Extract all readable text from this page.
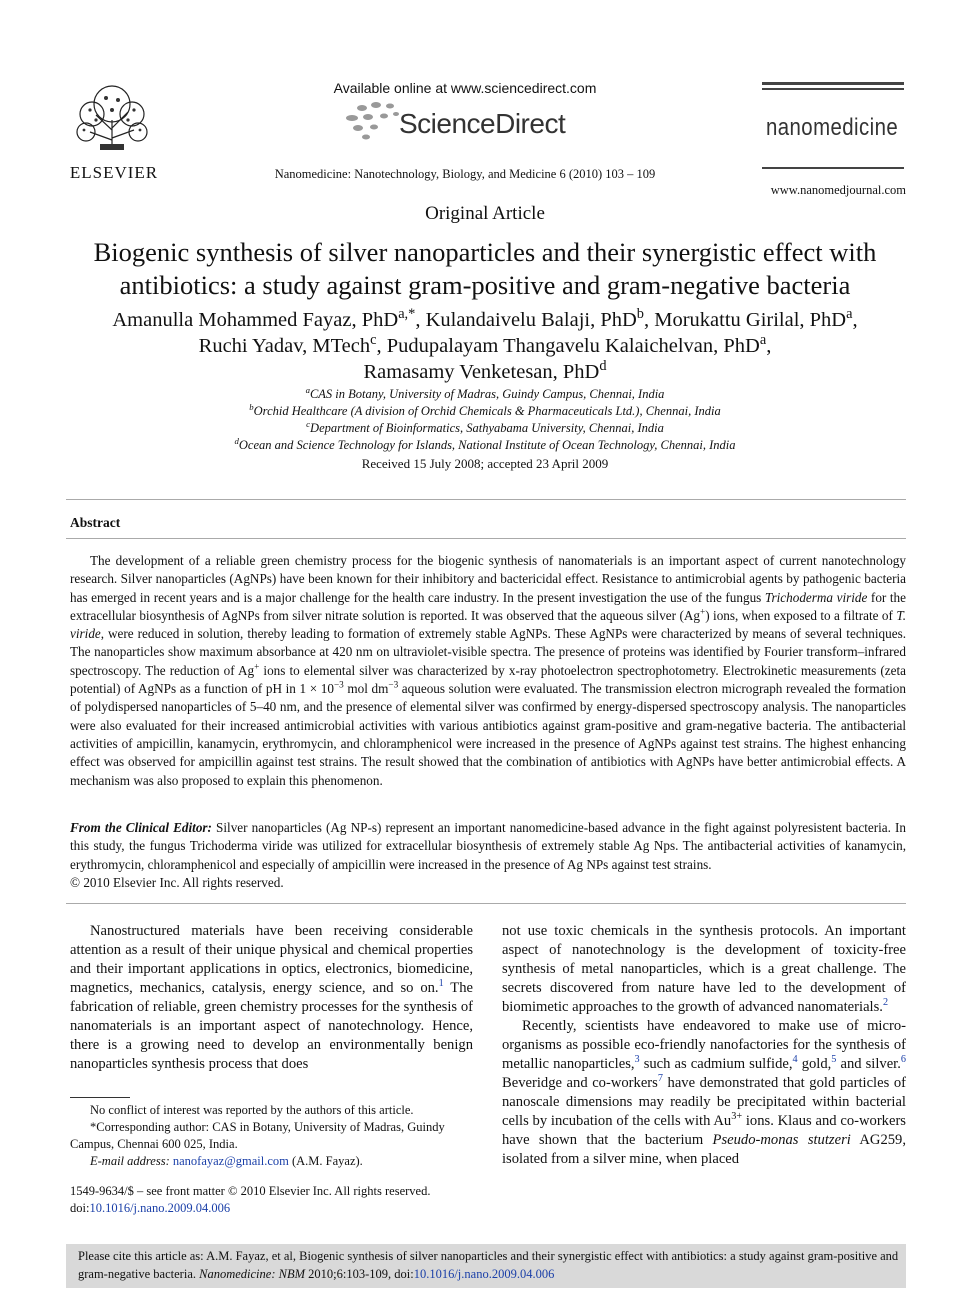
ELSEVIER
Available online at www.sciencedirect.com
ScienceDirect
Nanomedicine: Nanotechnology, Biology, and Medicine 6 (2010) 103 – 109
nanomedicine
www.nanomedjournal.com
Original Article
Biogenic synthesis of silver nanoparticles and their synergistic effect with
antibiotics: a study against gram-positive and gram-negative bacteria
Amanulla Mohammed Fayaz, PhD$^{a,*}$, Kulandaivelu Balaji, PhD$^b$, Morukattu Girilal, PhD$^a$,
Ruchi Yadav, MTech$^c$, Pudupalayam Thangavelu Kalaichelvan, PhD$^a$,
Ramasamy Venketesan, PhD$^d$
$^a$CAS in Botany, University of Madras, Guindy Campus, Chennai, India
$^b$Orchid Healthcare (A division of Orchid Chemicals & Pharmaceuticals Ltd.), Chennai, India
$^c$Department of Bioinformatics, Sathyabama University, Chennai, India
$^d$Ocean and Science Technology for Islands, National Institute of Ocean Technology, Chennai, India
Received 15 July 2008; accepted 23 April 2009
Abstract

The development of a reliable green chemistry process for the biogenic synthesis of nanomaterials is an important aspect of current nanotechnology research. Silver nanoparticles (AgNPs) have been known for their inhibitory and bactericidal effect. Resistance to antimicrobial agents by pathogenic bacteria has emerged in recent years and is a major challenge for the health care industry. In the present investigation the use of the fungus Trichoderma viride for the extracellular biosynthesis of AgNPs from silver nitrate solution is reported. It was observed that the aqueous silver (Ag+) ions, when exposed to a filtrate of T. viride, were reduced in solution, thereby leading to formation of extremely stable AgNPs. These AgNPs were characterized by means of several techniques. The nanoparticles show maximum absorbance at 420 nm on ultraviolet-visible spectra. The presence of proteins was identified by Fourier transform–infrared spectroscopy. The reduction of Ag+ ions to elemental silver was characterized by x-ray photoelectron spectrophotometry. Electrokinetic measurements (zeta potential) of AgNPs as a function of pH in $1 \times 10^{-3}$ mol $dm^{-3}$ aqueous solution were evaluated. The transmission electron micrograph revealed the formation of polydispersed nanoparticles of 5–40 nm, and the presence of elemental silver was confirmed by energy-dispersed spectroscopy analysis. The nanoparticles were also evaluated for their increased antimicrobial activities with various antibiotics against gram-positive and gram-negative bacteria. The antibacterial activities of ampicillin, kanamycin, erythromycin, and chloramphenicol were increased in the presence of AgNPs against test strains. The highest enhancing effect was observed for ampicillin against test strains. The result showed that the combination of antibiotics with AgNPs have better antimicrobial effects. A mechanism was also proposed to explain this phenomenon.

From the Clinical Editor: Silver nanoparticles (Ag NP-s) represent an important nanomedicine-based advance in the fight against polyresistent bacteria. In this study, the fungus Trichoderma viride was utilized for extracellular biosynthesis of extremely stable Ag Nps. The antibacterial activities of kanamycin, erythromycin, chloramphenicol and especially of ampicillin were increased in the presence of Ag NPs against test strains.
© 2010 Elsevier Inc. All rights reserved.

Nanostructured materials have been receiving considerable attention as a result of their unique physical and chemical properties and their important applications in optics, electronics, biomedicine, magnetics, mechanics, catalysis, energy science, and so on.$^1$ The fabrication of reliable, green chemistry processes for the synthesis of nanomaterials is an important aspect of nanotechnology. Hence, there is a growing need to develop an environmentally benign nanoparticles synthesis process that does

not use toxic chemicals in the synthesis protocols. An important aspect of nanotechnology is the development of toxicity-free synthesis of metal nanoparticles, which is a great challenge. The secrets discovered from nature have led to the development of biomimetic approaches to the growth of advanced nanomaterials.$^2$

Recently, scientists have endeavored to make use of micro-organisms as possible eco-friendly nanofactories for the synthesis of metallic nanoparticles,$^3$ such as cadmium sulfide,$^4$ gold,$^5$ and silver.$^6$ Beveridge and co-workers$^7$ have demonstrated that gold particles of nanoscale dimensions may readily be precipitated within bacterial cells by incubation of the cells with $Au^{3+}$ ions. Klaus and co-workers have shown that the bacterium Pseudo-monas stutzeri AG259, isolated from a silver mine, when placed

No conflict of interest was reported by the authors of this article.
*Corresponding author: CAS in Botany, University of Madras, Guindy Campus, Chennai 600 025, India.
E-mail address: nanofayaz@gmail.com (A.M. Fayaz).
1549-9634/$ – see front matter © 2010 Elsevier Inc. All rights reserved.
doi:10.1016/j.nano.2009.04.006
Please cite this article as: A.M. Fayaz, et al, Biogenic synthesis of silver nanoparticles and their synergistic effect with antibiotics: a study against gram-positive and gram-negative bacteria. Nanomedicine: NBM 2010;6:103-109, doi:10.1016/j.nano.2009.04.006
